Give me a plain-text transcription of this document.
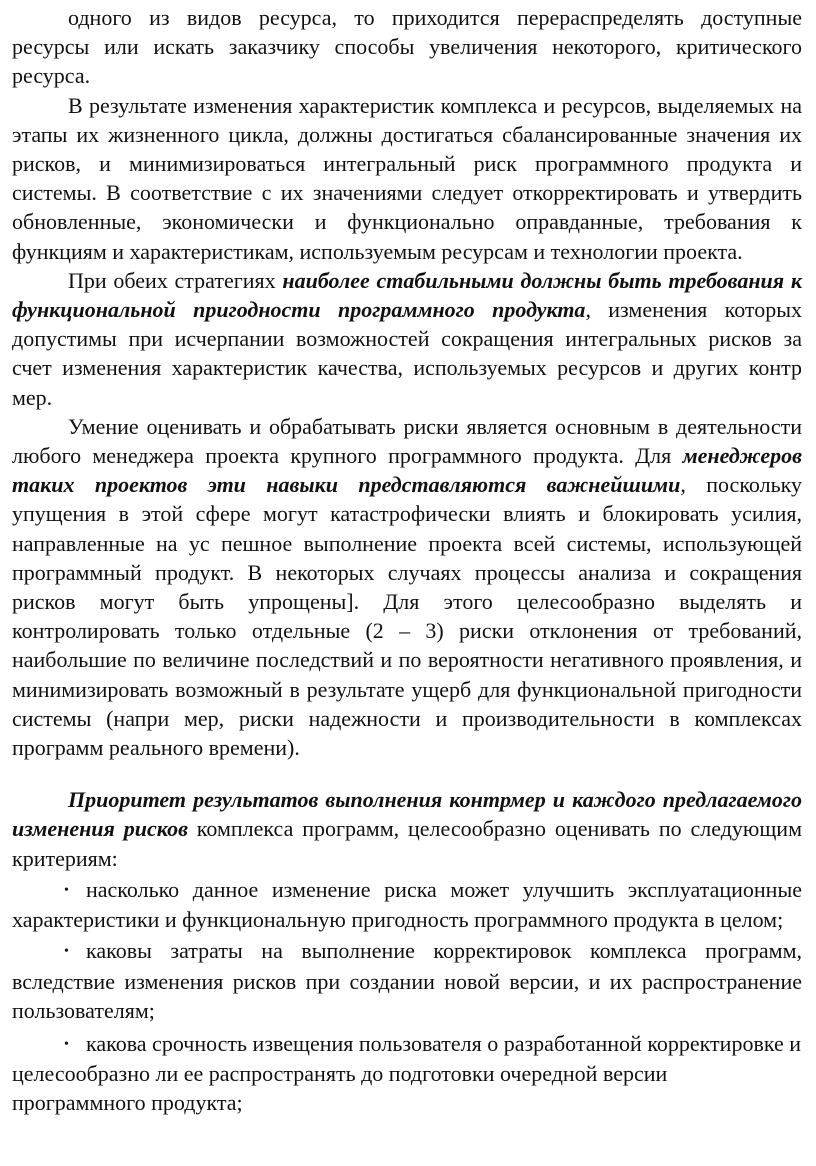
одного из видов ресурса, то приходится перераспределять доступные ресурсы или искать заказчику способы увеличения некоторого, критического ресурса.

В результате изменения характеристик комплекса и ресурсов, выделяемых на этапы их жизненного цикла, должны достигаться сбалансированные значения их рисков, и минимизироваться интегральный риск программного продукта и системы. В соответствие с их значениями следует откорректировать и утвердить обновленные, экономически и функционально оправданные, требования к функциям и характеристикам, используемым ресурсам и технологии проекта.

При обеих стратегиях наиболее стабильными должны быть требования к функциональной пригодности программного продукта, изменения которых допустимы при исчерпании возможностей сокращения интегральных рисков за счет изменения характеристик качества, используемых ресурсов и других контр мер.

Умение оценивать и обрабатывать риски является основным в деятельности любого менеджера проекта крупного программного продукта. Для менеджеров таких проектов эти навыки представляются важнейшими, поскольку упущения в этой сфере могут катастрофически влиять и блокировать усилия, направленные на ус пешное выполнение проекта всей системы, использующей программный продукт. В некоторых случаях процессы анализа и сокращения рисков могут быть упрощены]. Для этого целесообразно выделять и контролировать только отдельные (2 – 3) риски отклонения от требований, наибольшие по величине последствий и по вероятности негативного проявления, и минимизировать возможный в результате ущерб для функциональной пригодности системы (напри мер, риски надежности и производительности в комплексах программ реального времени).

Приоритет результатов выполнения контрмер и каждого предлагаемого изменения рисков комплекса программ, целесообразно оценивать по следующим критериям:

• насколько данное изменение риска может улучшить эксплуатационные характеристики и функциональную пригодность программного продукта в целом;

• каковы затраты на выполнение корректировок комплекса программ, вследствие изменения рисков при создании новой версии, и их распространение пользователям;

• какова срочность извещения пользователя о разработанной корректировке и целесообразно ли ее распространять до подготовки очередной версии программного продукта;
